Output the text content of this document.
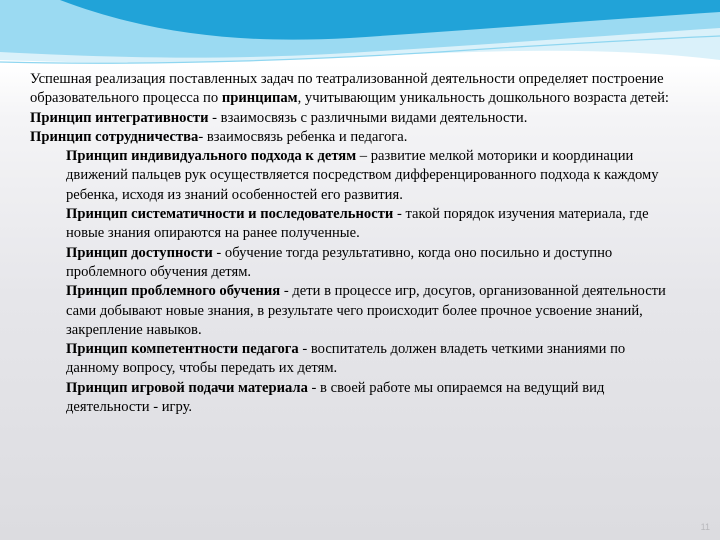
Успешная реализация поставленных задач по театрализованной деятельности определяет построение образовательного процесса по принципам, учитывающим уникальность дошкольного возраста детей:

Принцип интегративности - взаимосвязь с различными видами деятельности.

Принцип сотрудничества- взаимосвязь ребенка и педагога.

Принцип индивидуального подхода к детям – развитие мелкой моторики и координации движений пальцев рук осуществляется посредством дифференцированного подхода к каждому ребенка, исходя из знаний особенностей его развития.

Принцип систематичности и последовательности - такой порядок изучения материала, где новые знания опираются на ранее полученные.

Принцип доступности - обучение тогда результативно, когда оно посильно и доступно проблемного обучения детям.

Принцип проблемного обучения - дети в процессе игр, досугов, организованной деятельности сами добывают новые знания, в результате чего происходит более прочное усвоение знаний, закрепление навыков.

Принцип компетентности педагога - воспитатель должен владеть четкими знаниями по данному вопросу, чтобы передать их детям.

Принцип игровой подачи материала - в своей работе мы опираемся на ведущий вид деятельности - игру.

11
